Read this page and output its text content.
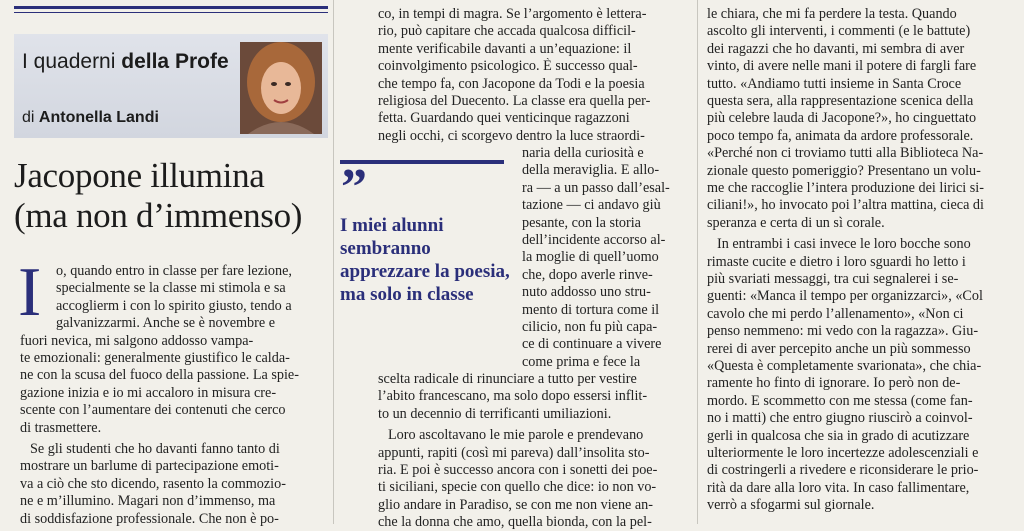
I quaderni della Profe
di Antonella Landi
Jacopone illumina
(ma non d’immenso)
I o, quando entro in classe per fare lezione,
specialmente se la classe mi stimola e sa
accoglierm i con lo spirito giusto, tendo a
galvanizzarmi. Anche se è novembre e
fuori nevica, mi salgono addosso vampa-
te emozionali: generalmente giustifico le calda-
ne con la scusa del fuoco della passione. La spie-
gazione inizia e io mi accaloro in misura cre-
scente con l’aumentare dei contenuti che cerco
di trasmettere.
Se gli studenti che ho davanti fanno tanto di
mostrare un barlume di partecipazione emoti-
va a ciò che sto dicendo, rasento la commozio-
ne e m’illumino. Magari non d’immenso, ma
di soddisfazione professionale. Che non è po-
”
I miei alunni sembranno apprezzare la poesia, ma solo in classe
co, in tempi di magra. Se l’argomento è lettera-
rio, può capitare che accada qualcosa difficil-
mente verificabile davanti a un’equazione: il
coinvolgimento psicologico. È successo qual-
che tempo fa, con Jacopone da Todi e la poesia
religiosa del Duecento. La classe era quella per-
fetta. Guardando quei venticinque ragazzoni
negli occhi, ci scorgevo dentro la luce straordi-
naria della curiosità e
della meraviglia. E allo-
ra — a un passo dall’esal-
tazione — ci andavo giù
pesante, con la storia
dell’incidente accorso al-
la moglie di quell’uomo
che, dopo averle rinve-
nuto addosso uno stru-
mento di tortura come il
cilicio, non fu più capa-
ce di continuare a vivere
come prima e fece la
scelta radicale di rinunciare a tutto per vestire
l’abito francescano, ma solo dopo essersi inflit-
to un decennio di terrificanti umiliazioni.
Loro ascoltavano le mie parole e prendevano
appunti, rapiti (così mi pareva) dall’insolita sto-
ria. E poi è successo ancora con i sonetti dei poe-
ti siciliani, specie con quello che dice: io non vo-
glio andare in Paradiso, se con me non viene an-
che la donna che amo, quella bionda, con la pel-
le chiara, che mi fa perdere la testa. Quando
ascolto gli interventi, i commenti (e le battute)
dei ragazzi che ho davanti, mi sembra di aver
vinto, di avere nelle mani il potere di fargli fare
tutto. «Andiamo tutti insieme in Santa Croce
questa sera, alla rappresentazione scenica della
più celebre lauda di Jacopone?», ho cinguettato
poco tempo fa, animata da ardore professorale.
«Perché non ci troviamo tutti alla Biblioteca Na-
zionale questo pomeriggio? Presentano un volu-
me che raccoglie l’intera produzione dei lirici si-
ciliani!», ho invocato poi l’altra mattina, cieca di
speranza e certa di un sì corale.
In entrambi i casi invece le loro bocche sono
rimaste cucite e dietro i loro sguardi ho letto i
più svariati messaggi, tra cui segnalerei i se-
guenti: «Manca il tempo per organizzarci», «Col
cavolo che mi perdo l’allenamento», «Non ci
penso nemmeno: mi vedo con la ragazza». Giu-
rerei di aver percepito anche un più sommesso
«Questa è completamente svarionata», che chia-
ramente ho finto di ignorare. Io però non de-
mordo. E scommetto con me stessa (come fan-
no i matti) che entro giugno riuscirò a coinvol-
gerli in qualcosa che sia in grado di acutizzare
ulteriormente le loro incertezze adolescenziali e
di costringerli a rivedere e riconsiderare le prio-
rità da dare alla loro vita. In caso fallimentare,
verrò a sfogarmi sul giornale.
